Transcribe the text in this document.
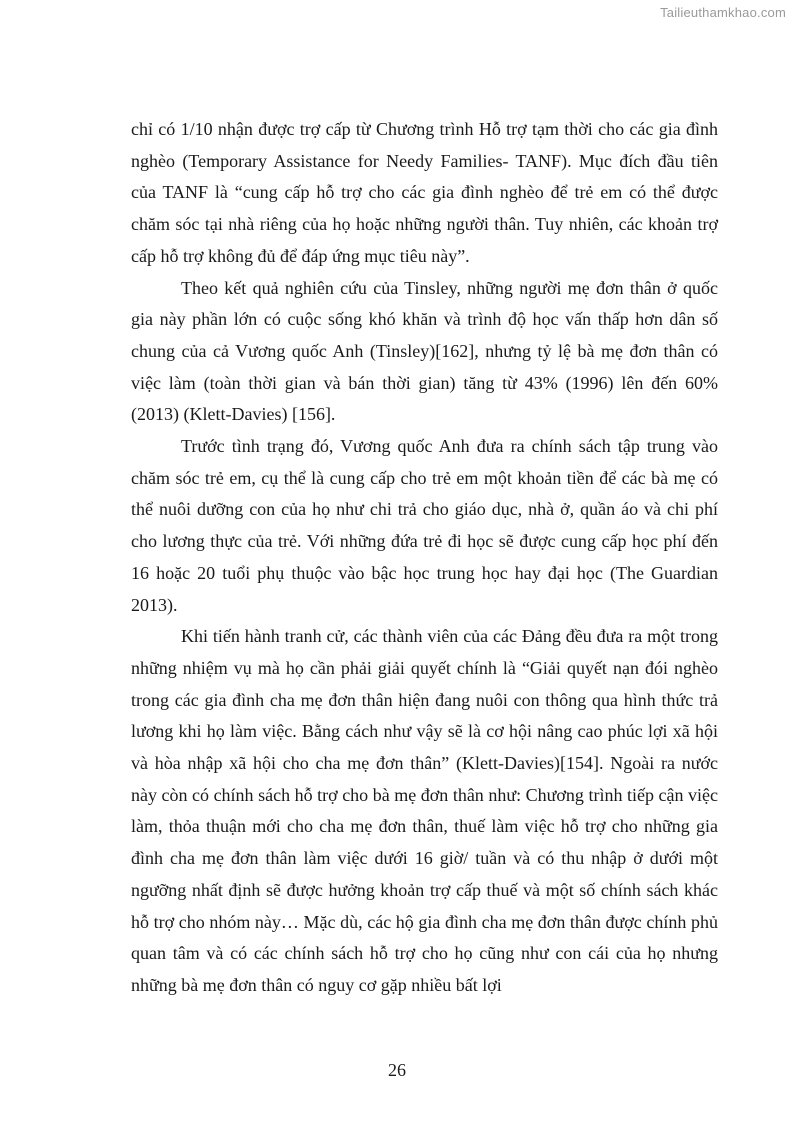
Tailieuthamkhao.com

chỉ có 1/10 nhận được trợ cấp từ Chương trình Hỗ trợ tạm thời cho các gia đình nghèo (Temporary Assistance for Needy Families- TANF). Mục đích đầu tiên của TANF là “cung cấp hỗ trợ cho các gia đình nghèo để trẻ em có thể được chăm sóc tại nhà riêng của họ hoặc những người thân. Tuy nhiên, các khoản trợ cấp hỗ trợ không đủ để đáp ứng mục tiêu này”.

Theo kết quả nghiên cứu của Tinsley, những người mẹ đơn thân ở quốc gia này phần lớn có cuộc sống khó khăn và trình độ học vấn thấp hơn dân số chung của cả Vương quốc Anh (Tinsley)[162], nhưng tỷ lệ bà mẹ đơn thân có việc làm (toàn thời gian và bán thời gian) tăng từ 43% (1996) lên đến 60% (2013) (Klett-Davies) [156].

Trước tình trạng đó, Vương quốc Anh đưa ra chính sách tập trung vào chăm sóc trẻ em, cụ thể là cung cấp cho trẻ em một khoản tiền để các bà mẹ có thể nuôi dưỡng con của họ như chi trả cho giáo dục, nhà ở, quần áo và chi phí cho lương thực của trẻ. Với những đứa trẻ đi học sẽ được cung cấp học phí đến 16 hoặc 20 tuổi phụ thuộc vào bậc học trung học hay đại học (The Guardian 2013).

Khi tiến hành tranh cử, các thành viên của các Đảng đều đưa ra một trong những nhiệm vụ mà họ cần phải giải quyết chính là “Giải quyết nạn đói nghèo trong các gia đình cha mẹ đơn thân hiện đang nuôi con thông qua hình thức trả lương khi họ làm việc. Bằng cách như vậy sẽ là cơ hội nâng cao phúc lợi xã hội và hòa nhập xã hội cho cha mẹ đơn thân” (Klett-Davies)[154]. Ngoài ra nước này còn có chính sách hỗ trợ cho bà mẹ đơn thân như: Chương trình tiếp cận việc làm, thỏa thuận mới cho cha mẹ đơn thân, thuế làm việc hỗ trợ cho những gia đình cha mẹ đơn thân làm việc dưới 16 giờ/ tuần và có thu nhập ở dưới một ngưỡng nhất định sẽ được hưởng khoản trợ cấp thuế và một số chính sách khác hỗ trợ cho nhóm này… Mặc dù, các hộ gia đình cha mẹ đơn thân được chính phủ quan tâm và có các chính sách hỗ trợ cho họ cũng như con cái của họ nhưng những bà mẹ đơn thân có nguy cơ gặp nhiều bất lợi

26
